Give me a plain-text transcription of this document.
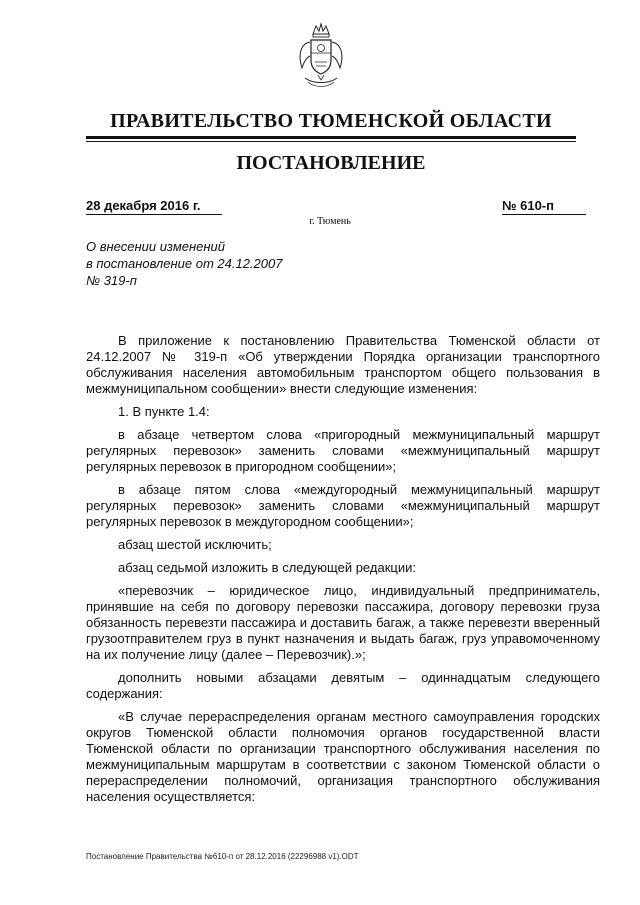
ПРАВИТЕЛЬСТВО ТЮМЕНСКОЙ ОБЛАСТИ
ПОСТАНОВЛЕНИЕ
28 декабря 2016 г.	№ 610-п
г. Тюмень
О внесении изменений
в постановление от 24.12.2007
№ 319-п

В приложение к постановлению Правительства Тюменской области от 24.12.2007 № 319-п «Об утверждении Порядка организации транспортного обслуживания населения автомобильным транспортом общего пользования в межмуниципальном сообщении» внести следующие изменения:

1. В пункте 1.4:

в абзаце четвертом слова «пригородный межмуниципальный маршрут регулярных перевозок» заменить словами «межмуниципальный маршрут регулярных перевозок в пригородном сообщении»;

в абзаце пятом слова «междугородный межмуниципальный маршрут регулярных перевозок» заменить словами «межмуниципальный маршрут регулярных перевозок в междугородном сообщении»;

абзац шестой исключить;

абзац седьмой изложить в следующей редакции:

«перевозчик – юридическое лицо, индивидуальный предприниматель, принявшие на себя по договору перевозки пассажира, договору перевозки груза обязанность перевезти пассажира и доставить багаж, а также перевезти вверенный грузоотправителем груз в пункт назначения и выдать багаж, груз управомоченному на их получение лицу (далее – Перевозчик).»;

дополнить новыми абзацами девятым – одиннадцатым следующего содержания:

«В случае перераспределения органам местного самоуправления городских округов Тюменской области полномочия органов государственной власти Тюменской области по организации транспортного обслуживания населения по межмуниципальным маршрутам в соответствии с законом Тюменской области о перераспределении полномочий, организация транспортного обслуживания населения осуществляется:

Постановление Правительства №610-п от 28.12.2016 (22296988 v1).ODT
